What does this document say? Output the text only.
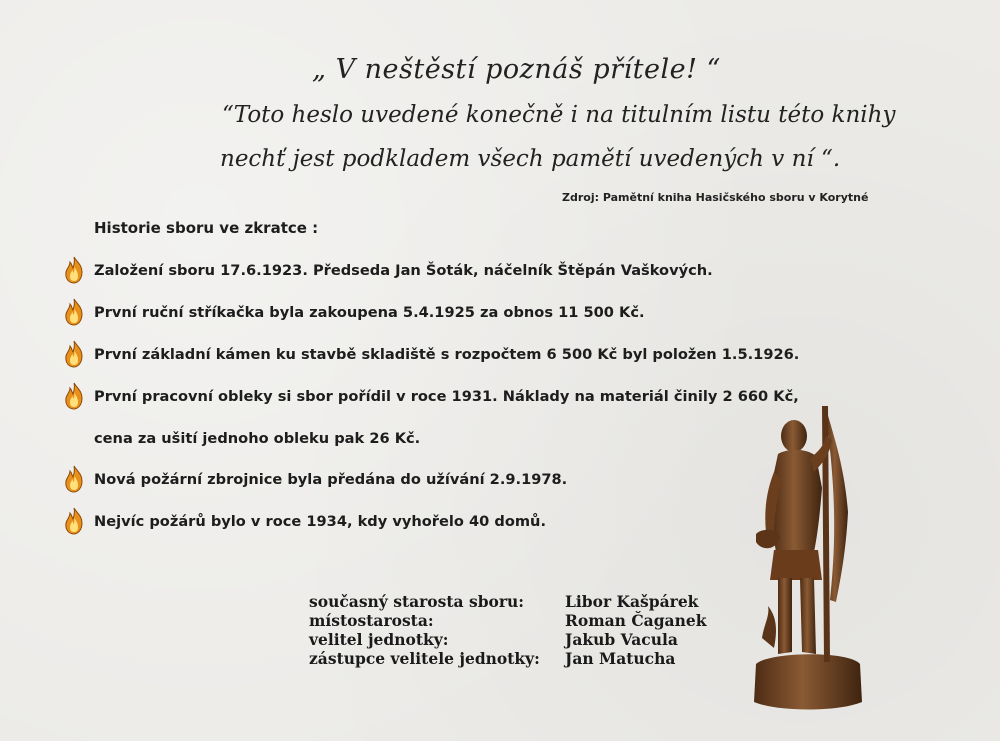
„ V neštěstí poznáš přítele! “
“Toto heslo uvedené konečně i na titulním listu této knihy
nechť jest podkladem všech pamětí uvedených v ní “.
Zdroj: Pamětní kniha Hasičského sboru v Korytné
Historie sboru ve zkratce :
Založení sboru 17.6.1923. Předseda Jan Šoták, náčelník Štěpán Vaškových.
První ruční stříkačka byla zakoupena 5.4.1925 za obnos 11 500 Kč.
První základní kámen ku stavbě skladiště s rozpočtem 6 500 Kč byl položen 1.5.1926.
První pracovní obleky si sbor pořídil v roce 1931. Náklady na materiál činily 2 660 Kč,
cena za ušití jednoho obleku pak 26 Kč.
Nová požární zbrojnice byla předána do užívání 2.9.1978.
Nejvíc požárů bylo v roce 1934, kdy vyhořelo 40 domů.
současný starosta sboru:	Libor Kašpárek
místostarosta:	Roman Čaganek
velitel jednotky:	Jakub Vacula
zástupce velitele jednotky:	Jan Matucha
